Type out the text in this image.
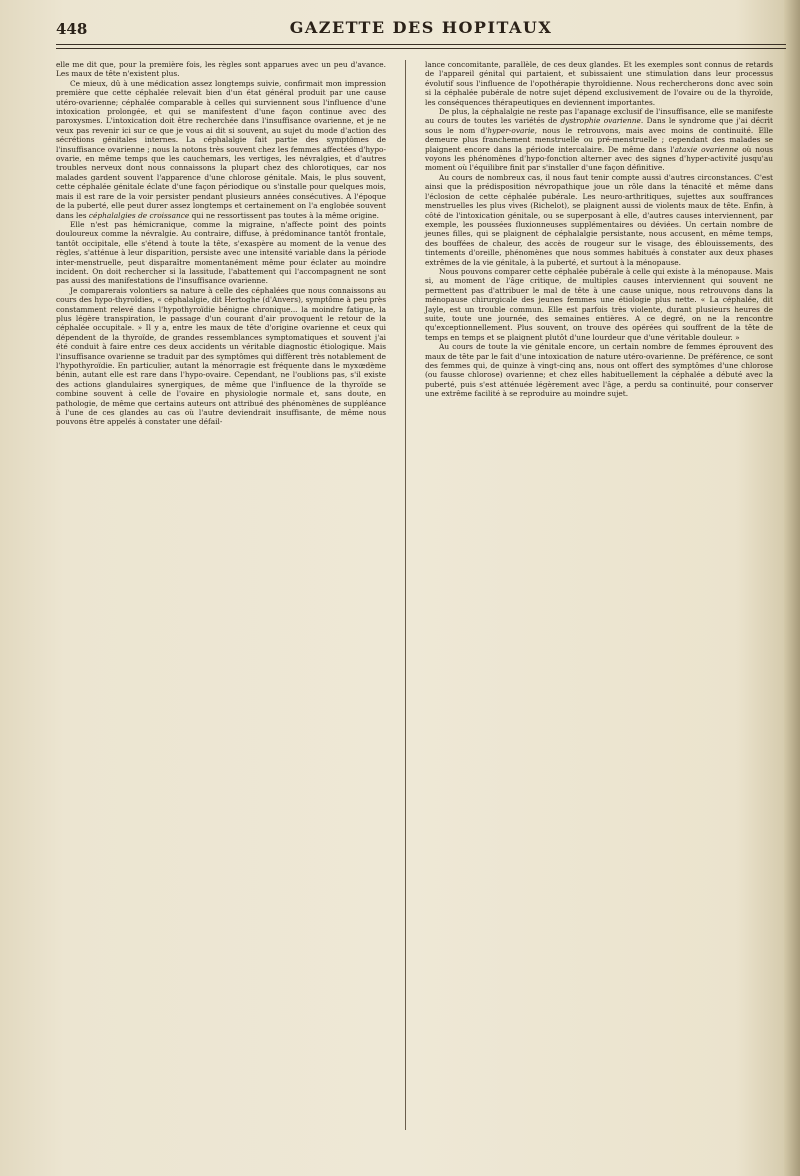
448	GAZETTE DES HOPITAUX

elle me dit que, pour la première fois, les règles sont apparues avec un peu d'avance. Les maux de tête n'existent plus.

Ce mieux, dû à une médication assez longtemps suivie, confirmait mon impression première que cette céphalée relevait bien d'un état général produit par une cause utéro-ovarienne; céphalée comparable à celles qui surviennent sous l'influence d'une intoxication prolongée, et qui se manifestent d'une façon continue avec des paroxysmes. L'intoxication doit être recherchée dans l'insuffisance ovarienne, et je ne veux pas revenir ici sur ce que je vous ai dit si souvent, au sujet du mode d'action des sécrétions génitales internes. La céphalalgie fait partie des symptômes de l'insuffisance ovarienne ; nous la notons très souvent chez les femmes affectées d'hypo-ovarie, en même temps que les cauchemars, les vertiges, les névralgies, et d'autres troubles nerveux dont nous connaissons la plupart chez des chlorotiques, car nos malades gardent souvent l'apparence d'une chlorose génitale. Mais, le plus souvent, cette céphalée génitale éclate d'une façon périodique ou s'installe pour quelques mois, mais il est rare de la voir persister pendant plusieurs années consécutives. A l'époque de la puberté, elle peut durer assez longtemps et certainement on l'a englobée souvent dans les céphalalgies de croissance qui ne ressortissent pas toutes à la même origine.

Elle n'est pas hémicranique, comme la migraine, n'affecte point des points douloureux comme la névralgie. Au contraire, diffuse, à prédominance tantôt frontale, tantôt occipitale, elle s'étend à toute la tête, s'exaspère au moment de la venue des règles, s'atténue à leur disparition, persiste avec une intensité variable dans la période inter-menstruelle, peut disparaître momentanément même pour éclater au moindre incident. On doit rechercher si la lassitude, l'abattement qui l'accompagnent ne sont pas aussi des manifestations de l'insuffisance ovarienne.

Je comparerais volontiers sa nature à celle des céphalées que nous connaissons au cours des hypo-thyroïdies, « céphalalgie, dit Hertoghe (d'Anvers), symptôme à peu près constamment relevé dans l'hypothyroïdie bénigne chronique... la moindre fatigue, la plus légère transpiration, le passage d'un courant d'air provoquent le retour de la céphalée occupitale. » Il y a, entre les maux de tête d'origine ovarienne et ceux qui dépendent de la thyroïde, de grandes ressemblances symptomatiques et souvent j'ai été conduit à faire entre ces deux accidents un véritable diagnostic étiologique. Mais l'insuffisance ovarienne se traduit par des symptômes qui diffèrent très notablement de l'hypothyroïdie. En particulier, autant la ménorragie est fréquente dans le myxœdème bénin, autant elle est rare dans l'hypo-ovaire. Cependant, ne l'oublions pas, s'il existe des actions glandulaires synergiques, de même que l'influence de la thyroïde se combine souvent à celle de l'ovaire en physiologie normale et, sans doute, en pathologie, de même que certains auteurs ont attribué des phénomènes de suppléance à l'une de ces glandes au cas où l'autre deviendrait insuffisante, de même nous pouvons être appelés à constater une défail-

lance concomitante, parallèle, de ces deux glandes. Et les exemples sont connus de retards de l'appareil génital qui partaient, et subissaient une stimulation dans leur processus évolutif sous l'influence de l'opothérapie thyroïdienne. Nous rechercherons donc avec soin si la céphalée pubérale de notre sujet dépend exclusivement de l'ovaire ou de la thyroïde, les conséquences thérapeutiques en deviennent importantes.

De plus, la céphalalgie ne reste pas l'apanage exclusif de l'insuffisance, elle se manifeste au cours de toutes les variétés de dystrophie ovarienne. Dans le syndrome que j'ai décrit sous le nom d'hyper-ovarie, nous le retrouvons, mais avec moins de continuité. Elle demeure plus franchement menstruelle ou pré-menstruelle ; cependant des malades se plaignent encore dans la période intercalaire. De même dans l'ataxie ovarienne où nous voyons les phénomènes d'hypo-fonction alterner avec des signes d'hyper-activité jusqu'au moment où l'équilibre finit par s'installer d'une façon définitive.

Au cours de nombreux cas, il nous faut tenir compte aussi d'autres circonstances. C'est ainsi que la prédisposition névropathique joue un rôle dans la ténacité et même dans l'éclosion de cette céphalée pubérale. Les neuro-arthritiques, sujettes aux souffrances menstruelles les plus vives (Richelot), se plaignent aussi de violents maux de tête. Enfin, à côté de l'intoxication génitale, ou se superposant à elle, d'autres causes interviennent, par exemple, les poussées fluxionneuses supplémentaires ou déviées. Un certain nombre de jeunes filles, qui se plaignent de céphalalgie persistante, nous accusent, en même temps, des bouffées de chaleur, des accès de rougeur sur le visage, des éblouissements, des tintements d'oreille, phénomènes que nous sommes habitués à constater aux deux phases extrêmes de la vie génitale, à la puberté, et surtout à la ménopause.

Nous pouvons comparer cette céphalée pubérale à celle qui existe à la ménopause. Mais si, au moment de l'âge critique, de multiples causes interviennent qui souvent ne permettent pas d'attribuer le mal de tête à une cause unique, nous retrouvons dans la ménopause chirurgicale des jeunes femmes une étiologie plus nette. « La céphalée, dit Jayle, est un trouble commun. Elle est parfois très violente, durant plusieurs heures de suite, toute une journée, des semaines entières. A ce degré, on ne la rencontre qu'exceptionnellement. Plus souvent, on trouve des opérées qui souffrent de la tête de temps en temps et se plaignent plutôt d'une lourdeur que d'une véritable douleur. »

Au cours de toute la vie génitale encore, un certain nombre de femmes éprouvent des maux de tête par le fait d'une intoxication de nature utéro-ovarienne. De préférence, ce sont des femmes qui, de quinze à vingt-cinq ans, nous ont offert des symptômes d'une chlorose (ou fausse chlorose) ovarienne; et chez elles habituellement la céphalée a débuté avec la puberté, puis s'est atténuée légèrement avec l'âge, a perdu sa continuité, pour conserver une extrême facilité à se reproduire au moindre sujet.
